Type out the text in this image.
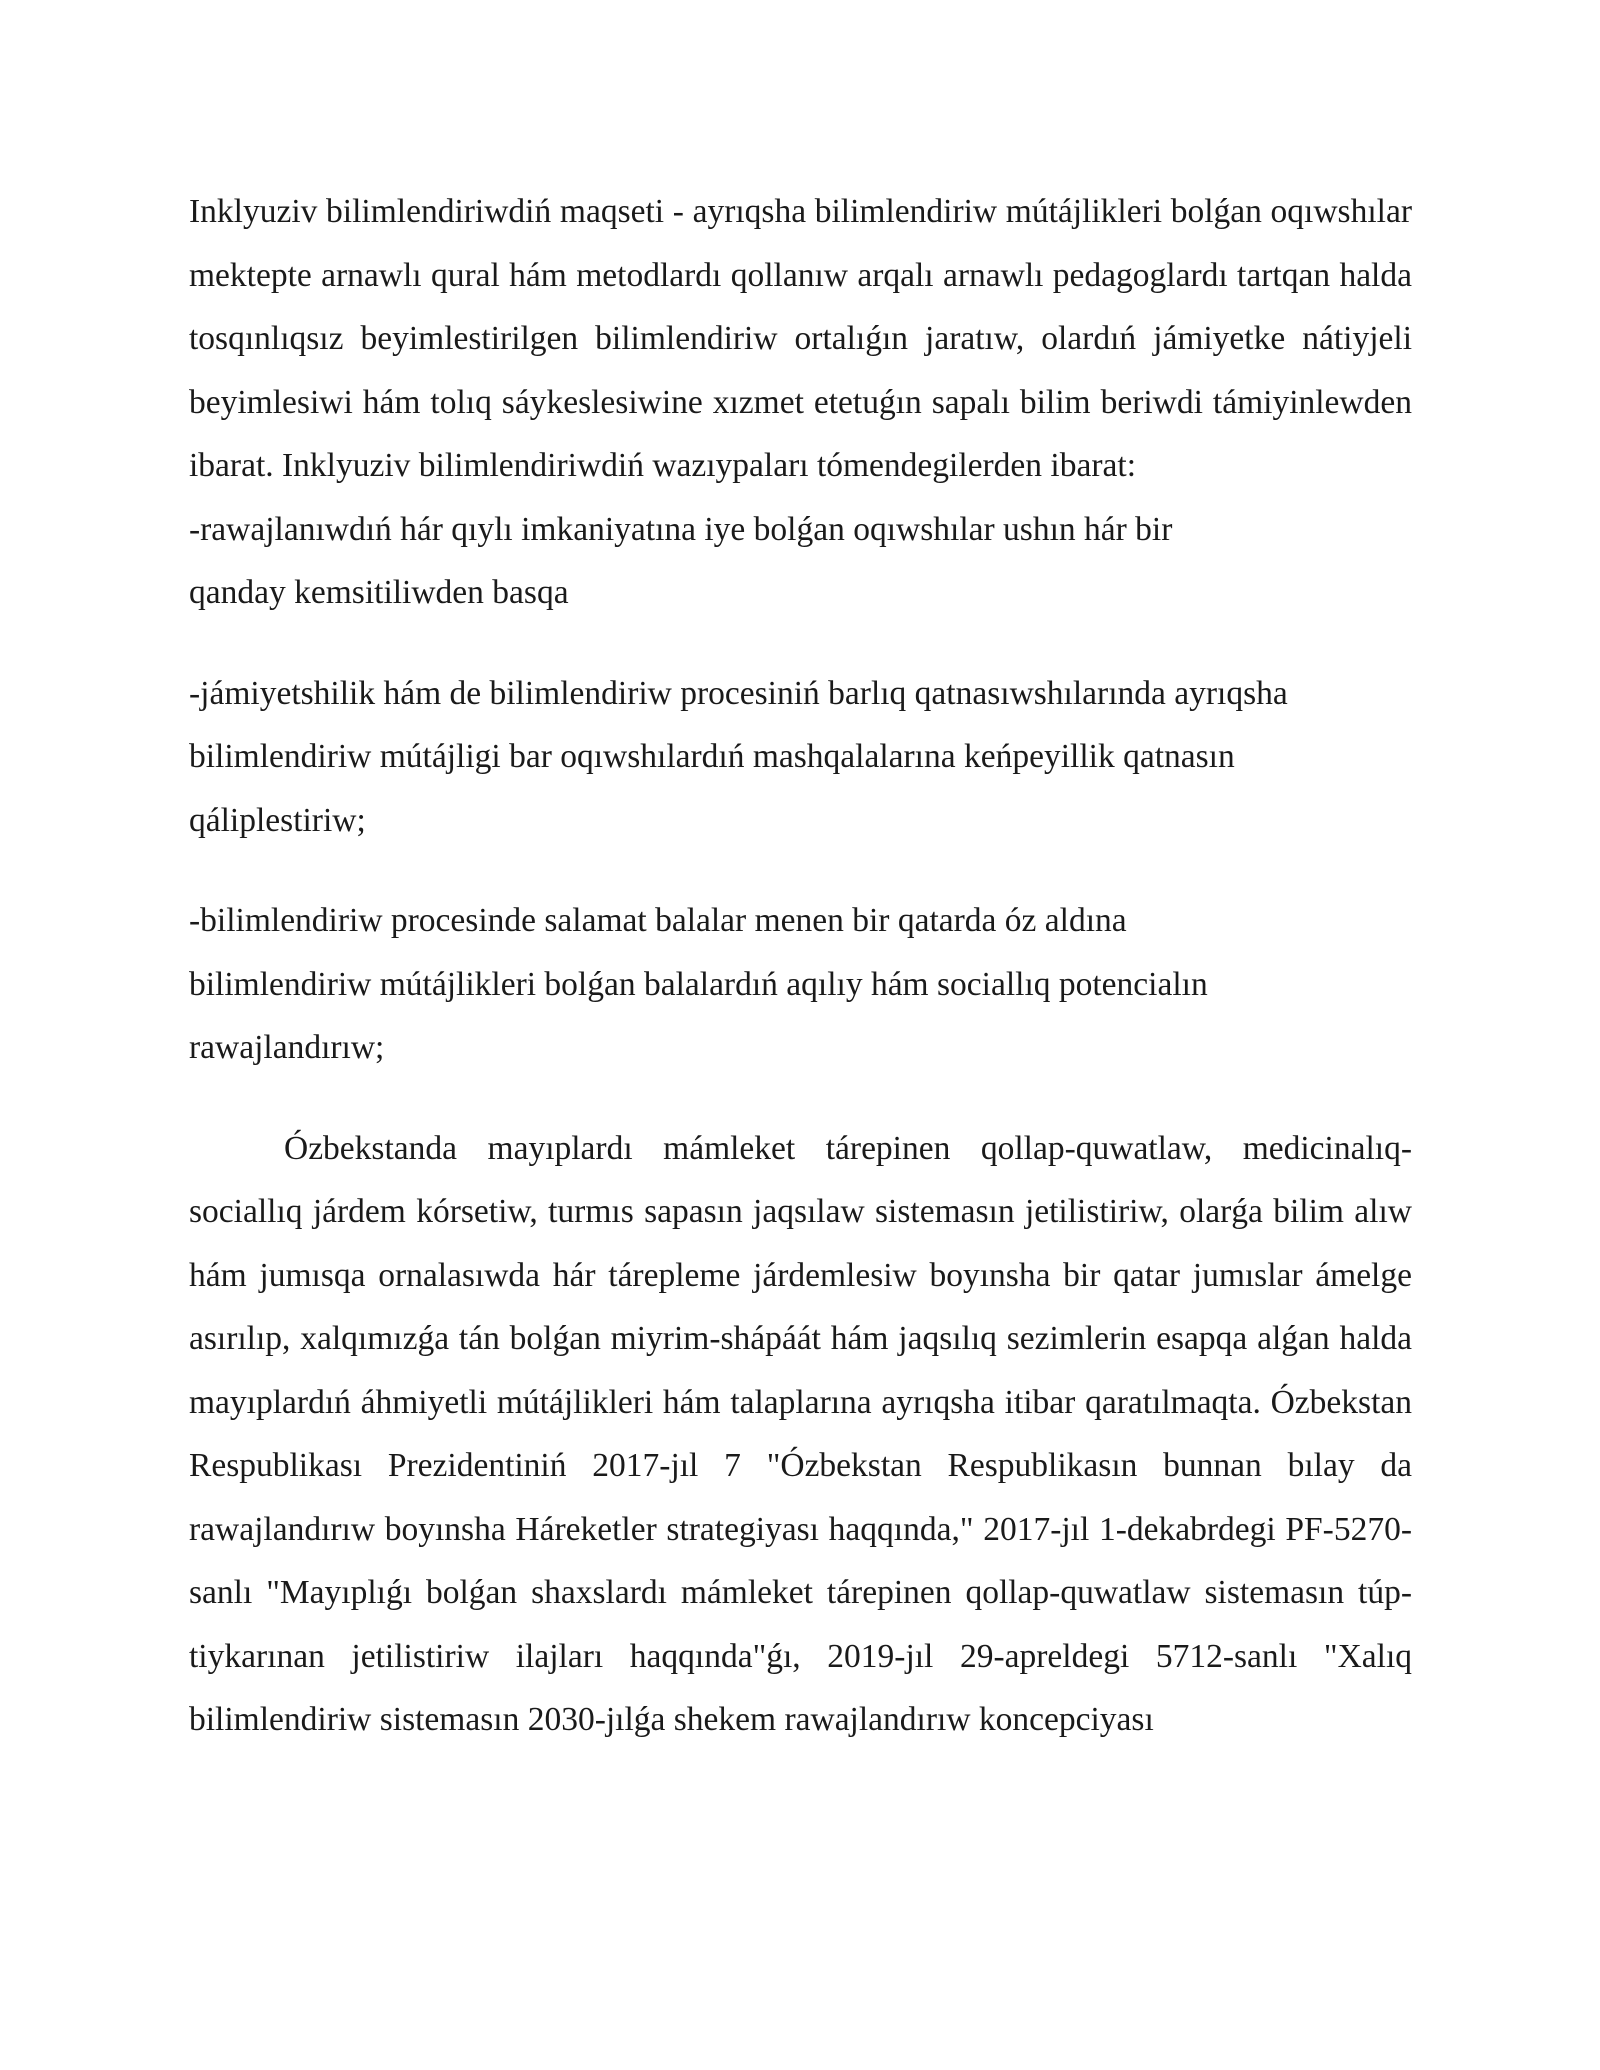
Inklyuziv bilimlendiriwdiń maqseti - ayrıqsha bilimlendiriw mútájlikleri bolǵan oqıwshılar mektepte arnawlı qural hám metodlardı qollanıw arqalı arnawlı pedagoglardı tartqan halda tosqınlıqsız beyimlestirilgen bilimlendiriw ortalıǵın jaratıw, olardıń jámiyetke nátiyjeli beyimlesiwi hám tolıq sáykeslesiwine xızmet etetuǵın sapalı bilim beriwdi támiyinlewden ibarat. Inklyuziv bilimlendiriwdiń wazıypaları tómendegilerden ibarat:

-rawajlanıwdıń hár qıylı imkaniyatına iye bolǵan oqıwshılar ushın hár bir
qanday kemsitiliwden basqa

-jámiyetshilik hám de bilimlendiriw procesiniń barlıq qatnasıwshılarında ayrıqsha
bilimlendiriw mútájligi bar oqıwshılardıń mashqalalarına keńpeyillik qatnasın
qáliplestiriw;

-bilimlendiriw procesinde salamat balalar menen bir qatarda óz aldına
bilimlendiriw mútájlikleri bolǵan balalardıń aqılıy hám sociallıq potencialın
rawajlandırıw;

Ózbekstanda mayıplardı mámleket tárepinen qollap-quwatlaw, medicinalıq-sociallıq járdem kórsetiw, turmıs sapasın jaqsılaw sistemasın jetilistiriw, olarǵa bilim alıw hám jumısqa ornalasıwda hár tárepleme járdemlesiw boyınsha bir qatar jumıslar ámelge asırılıp, xalqımızǵa tán bolǵan miyrim-shápáát hám jaqsılıq sezimlerin esapqa alǵan halda mayıplardıń áhmiyetli mútájlikleri hám talaplarına ayrıqsha itibar qaratılmaqta. Ózbekstan Respublikası Prezidentiniń 2017-jıl 7 "Ózbekstan Respublikasın bunnan bılay da rawajlandırıw boyınsha Háreketler strategiyası haqqında," 2017-jıl 1-dekabrdegi PF-5270-sanlı "Mayıplıǵı bolǵan shaxslardı mámleket tárepinen qollap-quwatlaw sistemasın túp-tiykarınan jetilistiriw ilajları haqqında"ǵı, 2019-jıl 29-apreldegi 5712-sanlı "Xalıq bilimlendiriw sistemasın 2030-jılǵa shekem rawajlandırıw koncepciyası
